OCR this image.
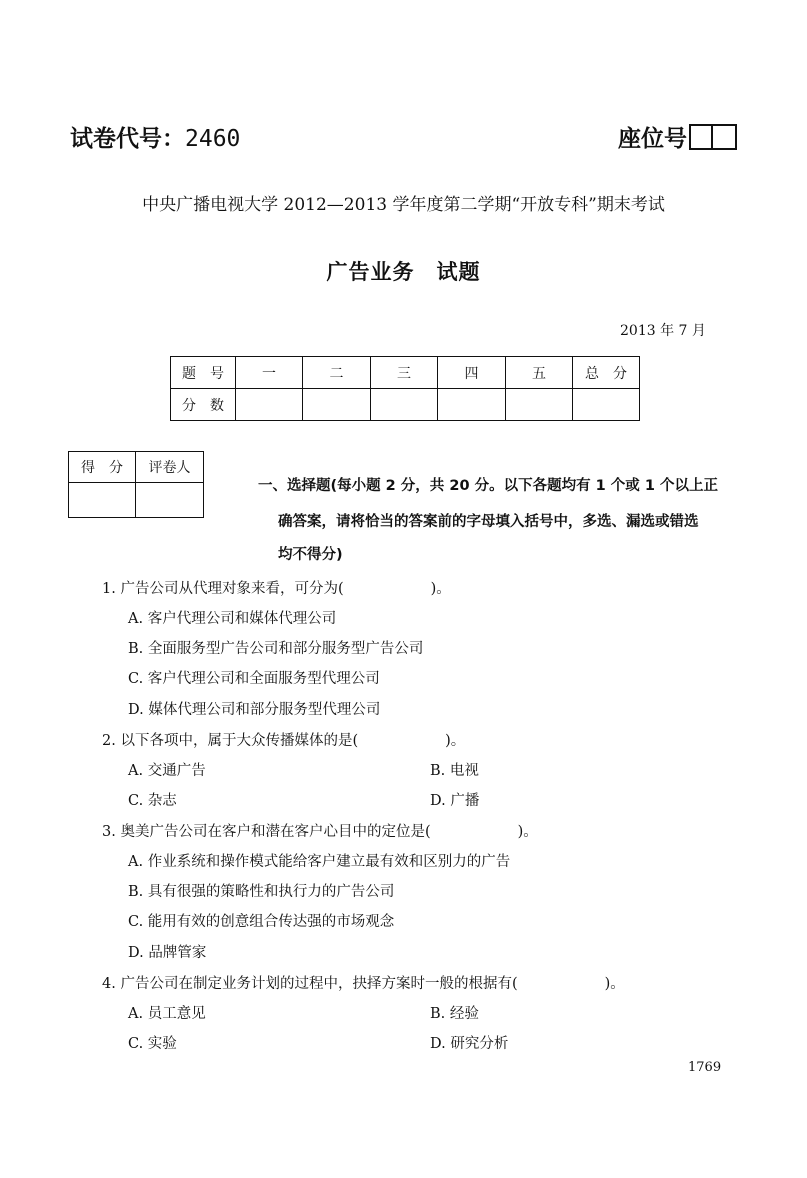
试卷代号：2460	座位号
中央广播电视大学 2012—2013 学年度第二学期“开放专科”期末考试
广告业务　试题
2013 年 7 月
题　号	一	二	三	四	五	总　分
分　数						
得　分	评卷人

一、选择题(每小题 2 分，共 20 分。以下各题均有 1 个或 1 个以上正
确答案，请将恰当的答案前的字母填入括号中，多选、漏选或错选
均不得分)
1. 广告公司从代理对象来看，可分为(　　　　　　)。
A. 客户代理公司和媒体代理公司
B. 全面服务型广告公司和部分服务型广告公司
C. 客户代理公司和全面服务型代理公司
D. 媒体代理公司和部分服务型代理公司
2. 以下各项中，属于大众传播媒体的是(　　　　　　)。
A. 交通广告	B. 电视
C. 杂志	D. 广播
3. 奥美广告公司在客户和潜在客户心目中的定位是(　　　　　　)。
A. 作业系统和操作模式能给客户建立最有效和区别力的广告
B. 具有很强的策略性和执行力的广告公司
C. 能用有效的创意组合传达强的市场观念
D. 品牌管家
4. 广告公司在制定业务计划的过程中，抉择方案时一般的根据有(　　　　　　)。
A. 员工意见	B. 经验
C. 实验	D. 研究分析
1769
